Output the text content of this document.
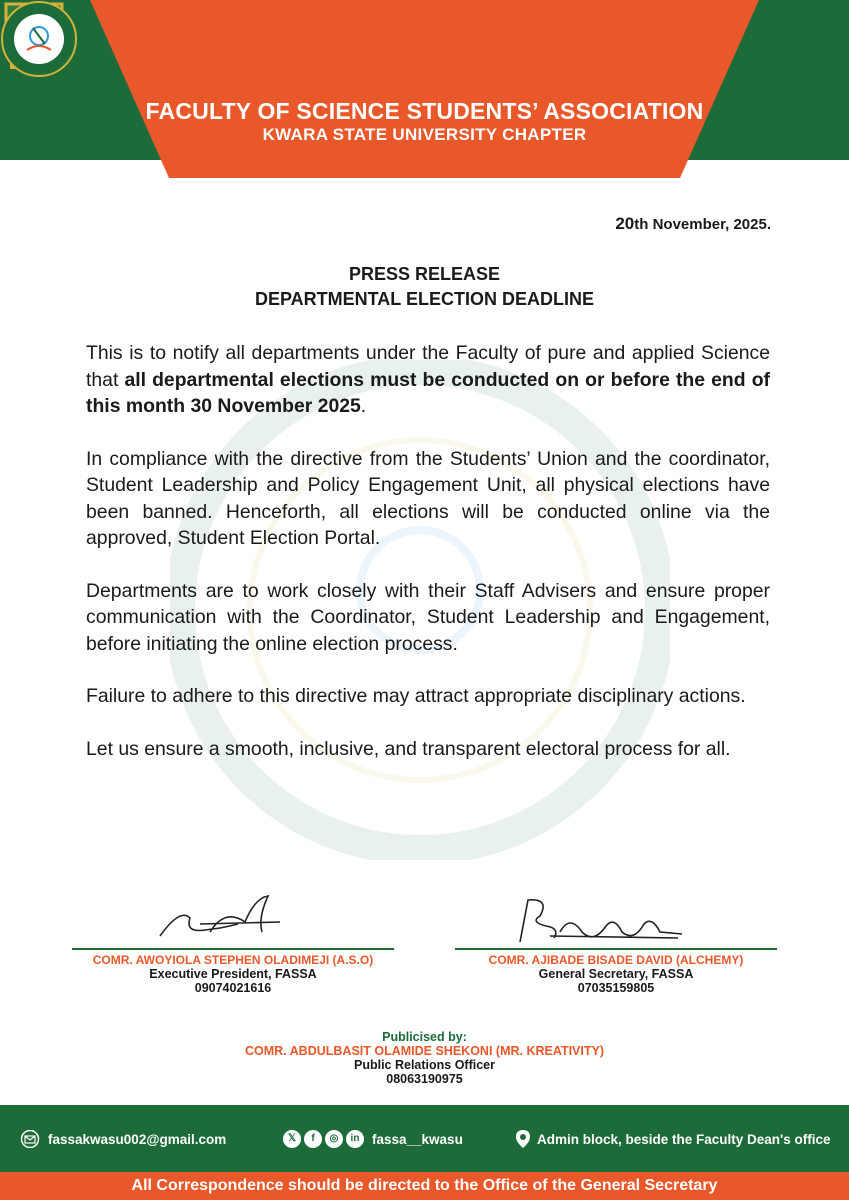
FACULTY OF SCIENCE STUDENTS’ ASSOCIATION
KWARA STATE UNIVERSITY CHAPTER
20th November, 2025.
PRESS RELEASE
DEPARTMENTAL ELECTION DEADLINE

This is to notify all departments under the Faculty of pure and applied Science that all departmental elections must be conducted on or before the end of this month 30 November 2025.

In compliance with the directive from the Students’ Union and the coordinator, Student Leadership and Policy Engagement Unit, all physical elections have been banned. Henceforth, all elections will be conducted online via the approved, Student Election Portal.

Departments are to work closely with their Staff Advisers and ensure proper communication with the Coordinator, Student Leadership and Engagement, before initiating the online election process.

Failure to adhere to this directive may attract appropriate disciplinary actions.

Let us ensure a smooth, inclusive, and transparent electoral process for all.

COMR. AWOYIOLA STEPHEN OLADIMEJI (A.S.O)
Executive President, FASSA
09074021616
COMR. AJIBADE BISADE DAVID (ALCHEMY)
General Secretary, FASSA
07035159805
Publicised by:
COMR. ABDULBASIT OLAMIDE SHEKONI (MR. KREATIVITY)
Public Relations Officer
08063190975
fassakwasu002@gmail.com	𝕏	f	◎	in fassa__kwasu	Admin block, beside the Faculty Dean's office
All Correspondence should be directed to the Office of the General Secretary
